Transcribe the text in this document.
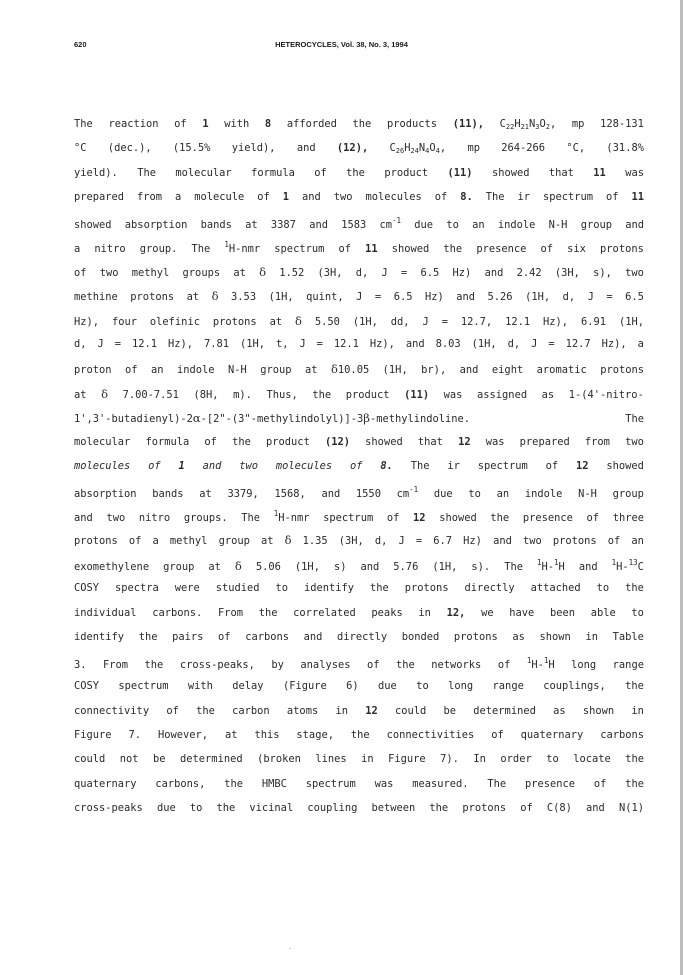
620	HETEROCYCLES, Vol. 38, No. 3, 1994
The reaction of 1 with 8 afforded the products (11), $C_{22}H_{21}N_3O_2$, mp 128-131
°C (dec.), (15.5% yield), and (12), $C_{26}H_{24}N_4O_4$, mp 264-266 °C, (31.8%
yield). The molecular formula of the product (11) showed that 11 was
prepared from a molecule of 1 and two molecules of 8. The ir spectrum of 11
showed absorption bands at 3387 and 1583 $cm^{-1}$ due to an indole N-H group and
a nitro group. The $^1$H-nmr spectrum of 11 showed the presence of six protons
of two methyl groups at δ 1.52 (3H, d, J = 6.5 Hz) and 2.42 (3H, s), two
methine protons at δ 3.53 (1H, quint, J = 6.5 Hz) and 5.26 (1H, d, J = 6.5
Hz), four olefinic protons at δ 5.50 (1H, dd, J = 12.7, 12.1 Hz), 6.91 (1H,
d, J = 12.1 Hz), 7.81 (1H, t, J = 12.1 Hz), and 8.03 (1H, d, J = 12.7 Hz), a
proton of an indole N-H group at δ10.05 (1H, br), and eight aromatic protons
at δ 7.00-7.51 (8H, m). Thus, the product (11) was assigned as 1-(4'-nitro-
1',3'-butadienyl)-2α-[2"-(3"-methylindolyl)]-3β-methylindoline.	The
molecular formula of the product (12) showed that 12 was prepared from two
molecules of 1 and two molecules of 8. The ir spectrum of 12 showed
absorption bands at 3379, 1568, and 1550 $cm^{-1}$ due to an indole N-H group
and two nitro groups. The $^1$H-nmr spectrum of 12 showed the presence of three
protons of a methyl group at δ 1.35 (3H, d, J = 6.7 Hz) and two protons of an
exomethylene group at δ 5.06 (1H, s) and 5.76 (1H, s). The $^1$H-$^1$H and $^1$H-$^{13}$C
COSY spectra were studied to identify the protons directly attached to the
individual carbons. From the correlated peaks in 12, we have been able to
identify the pairs of carbons and directly bonded protons as shown in Table
3. From the cross-peaks, by analyses of the networks of $^1$H-$^1$H long range
COSY spectrum with delay (Figure 6) due to long range couplings, the
connectivity of the carbon atoms in 12 could be determined as shown in
Figure 7. However, at this stage, the connectivities of quaternary carbons
could not be determined (broken lines in Figure 7). In order to locate the
quaternary carbons, the HMBC spectrum was measured. The presence of the
cross-peaks due to the vicinal coupling between the protons of C(8) and N(1)
·
